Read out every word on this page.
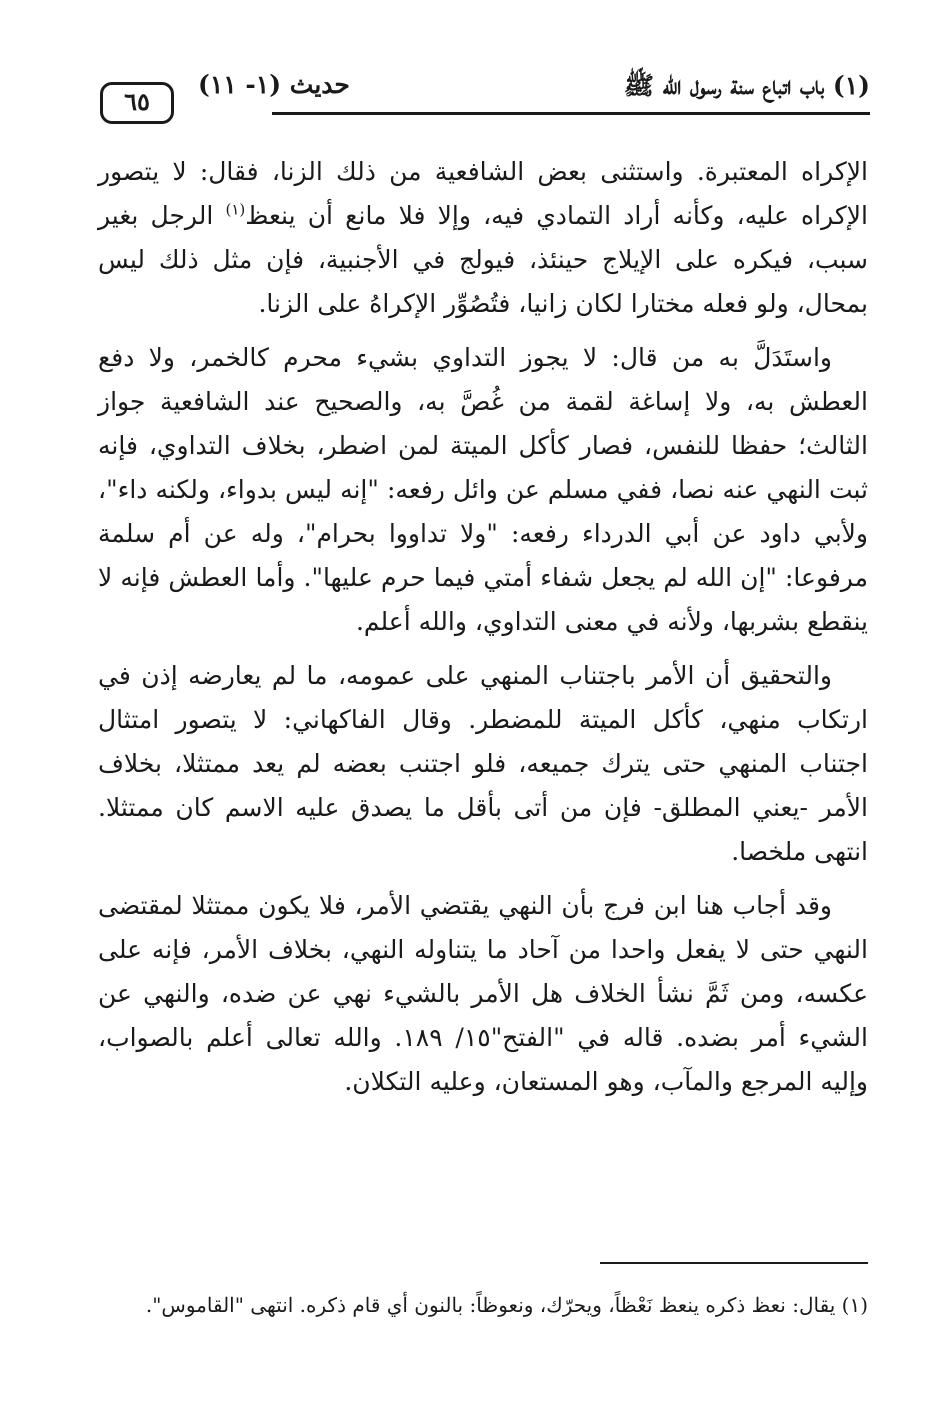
٦٥
حديث (١- ١١)	(١) باب اتباع سنة رسول الله ﷺ

الإكراه المعتبرة. واستثنى بعض الشافعية من ذلك الزنا، فقال: لا يتصور الإكراه عليه، وكأنه أراد التمادي فيه، وإلا فلا مانع أن ينعظ$^{(١)}$ الرجل بغير سبب، فيكره على الإيلاج حينئذ، فيولج في الأجنبية، فإن مثل ذلك ليس بمحال، ولو فعله مختارا لكان زانيا، فتُصُوِّر الإكراهُ على الزنا.

واستَدَلَّ به من قال: لا يجوز التداوي بشيء محرم كالخمر، ولا دفع العطش به، ولا إساغة لقمة من غُصَّ به، والصحيح عند الشافعية جواز الثالث؛ حفظا للنفس، فصار كأكل الميتة لمن اضطر، بخلاف التداوي، فإنه ثبت النهي عنه نصا، ففي مسلم عن وائل رفعه: "إنه ليس بدواء، ولكنه داء"، ولأبي داود عن أبي الدرداء رفعه: "ولا تداووا بحرام"، وله عن أم سلمة مرفوعا: "إن الله لم يجعل شفاء أمتي فيما حرم عليها". وأما العطش فإنه لا ينقطع بشربها، ولأنه في معنى التداوي، والله أعلم.

والتحقيق أن الأمر باجتناب المنهي على عمومه، ما لم يعارضه إذن في ارتكاب منهي، كأكل الميتة للمضطر. وقال الفاكهاني: لا يتصور امتثال اجتناب المنهي حتى يترك جميعه، فلو اجتنب بعضه لم يعد ممتثلا، بخلاف الأمر -يعني المطلق- فإن من أتى بأقل ما يصدق عليه الاسم كان ممتثلا. انتهى ملخصا.

وقد أجاب هنا ابن فرج بأن النهي يقتضي الأمر، فلا يكون ممتثلا لمقتضى النهي حتى لا يفعل واحدا من آحاد ما يتناوله النهي، بخلاف الأمر، فإنه على عكسه، ومن ثَمَّ نشأ الخلاف هل الأمر بالشيء نهي عن ضده، والنهي عن الشيء أمر بضده. قاله في "الفتح"١٥/ ١٨٩. والله تعالى أعلم بالصواب، وإليه المرجع والمآب، وهو المستعان، وعليه التكلان.

(١) يقال: نعظ ذكره ينعظ نَعْظاً، ويحرّك، ونعوظاً: بالنون أي قام ذكره. انتهى "القاموس".
